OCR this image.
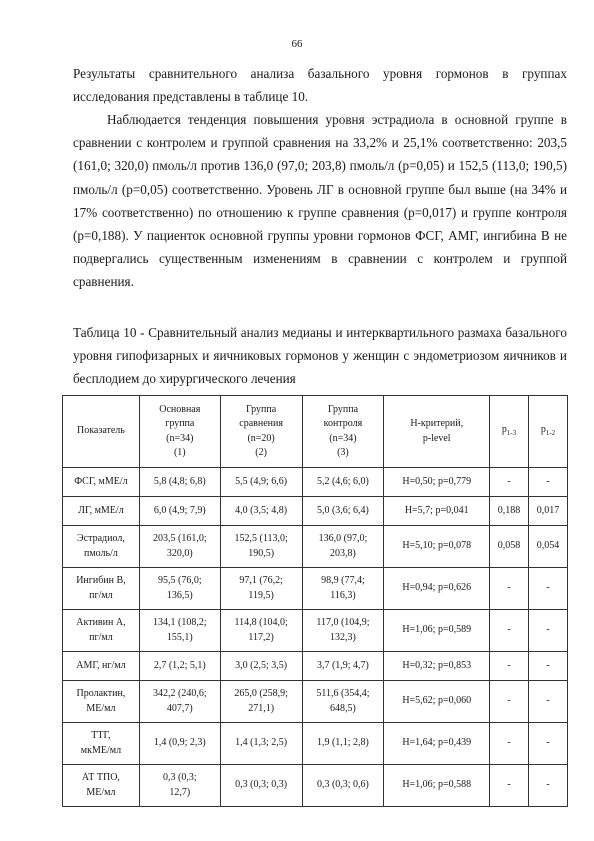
66
Результаты сравнительного анализа базального уровня гормонов в группах исследования представлены в таблице 10.
Наблюдается тенденция повышения уровня эстрадиола в основной группе в сравнении с контролем и группой сравнения на 33,2% и 25,1% соответственно: 203,5 (161,0; 320,0) пмоль/л против 136,0 (97,0; 203,8) пмоль/л (р=0,05) и 152,5 (113,0; 190,5) пмоль/л (р=0,05) соответственно. Уровень ЛГ в основной группе был выше (на 34% и 17% соответственно) по отношению к группе сравнения (р=0,017) и группе контроля (р=0,188). У пациенток основной группы уровни гормонов ФСГ, АМГ, ингибина В не подвергались существенным изменениям в сравнении с контролем и группой сравнения.
Таблица 10 - Сравнительный анализ медианы и интерквартильного размаха базального уровня гипофизарных и яичниковых гормонов у женщин с эндометриозом яичников и бесплодием до хирургического лечения
Показатель	Основная
группа
(n=34)
(1)	Группа
сравнения
(n=20)
(2)	Группа
контроля
(n=34)
(3)	Н-критерий,
p-level	$p_{1-3}$	$p_{1-2}$

ФСГ, мМЕ/л	5,8 (4,8; 6,8)	5,5 (4,9; 6,6)	5,2 (4,6; 6,0)	Н=0,50; р=0,779	-	-

ЛГ, мМЕ/л	6,0 (4,9; 7,9)	4,0 (3,5; 4,8)	5,0 (3,6; 6,4)	Н=5,7; р=0,041	0,188	0,017

Эстрадиол,
пмоль/л	203,5 (161,0;
320,0)	152,5 (113,0;
190,5)	136,0 (97,0;
203,8)	Н=5,10; р=0,078	0,058	0,054

Ингибин В,
пг/мл	95,5 (76,0;
136,5)	97,1 (76,2;
119,5)	98,9 (77,4;
116,3)	Н=0,94; р=0,626	-	-

Активин А,
пг/мл	134,1 (108,2;
155,1)	114,8 (104,0;
117,2)	117,0 (104,9;
132,3)	Н=1,06; р=0,589	-	-

АМГ, нг/мл	2,7 (1,2; 5,1)	3,0 (2,5; 3,5)	3,7 (1,9; 4,7)	Н=0,32; р=0,853	-	-

Пролактин,
МЕ/мл	342,2 (240,6;
407,7)	265,0 (258,9;
271,1)	511,6 (354,4;
648,5)	Н=5,62; р=0,060	-	-

ТТГ,
мкМЕ/мл	1,4 (0,9; 2,3)	1,4 (1,3; 2,5)	1,9 (1,1; 2,8)	Н=1,64; р=0,439	-	-

АТ ТПО,
МЕ/мл	0,3 (0,3;
12,7)	0,3 (0,3; 0,3)	0,3 (0,3; 0,6)	Н=1,06; р=0,588	-	-
